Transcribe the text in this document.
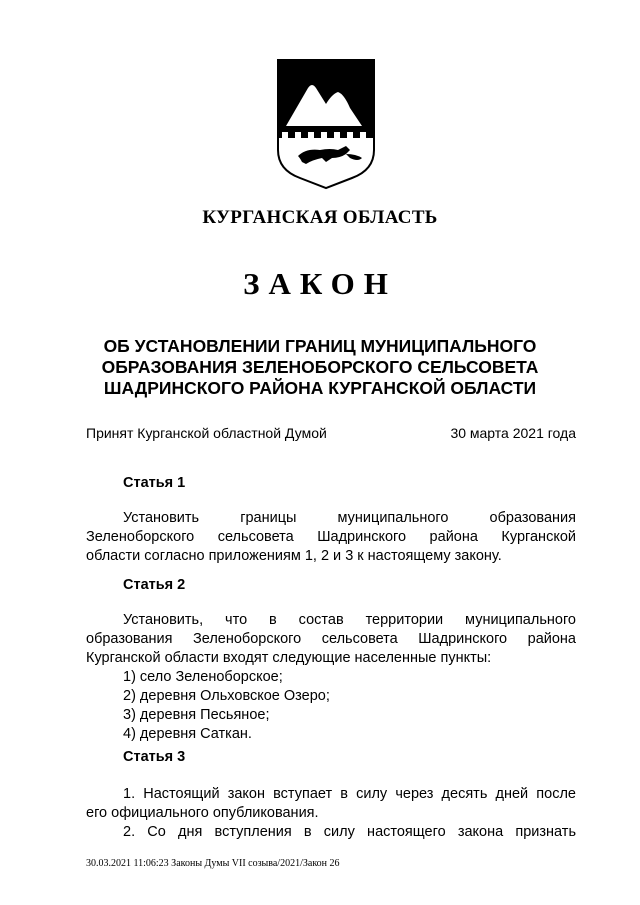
КУРГАНСКАЯ ОБЛАСТЬ
ЗАКОН
ОБ УСТАНОВЛЕНИИ ГРАНИЦ МУНИЦИПАЛЬНОГО
ОБРАЗОВАНИЯ ЗЕЛЕНОБОРСКОГО СЕЛЬСОВЕТА
ШАДРИНСКОГО РАЙОНА КУРГАНСКОЙ ОБЛАСТИ
Принят Курганской областной Думой	30 марта 2021 года
Статья 1
Установить границы муниципального образования
Зеленоборского сельсовета Шадринского района Курганской
области согласно приложениям 1, 2 и 3 к настоящему закону.
Статья 2
Установить, что в состав территории муниципального
образования Зеленоборского сельсовета Шадринского района
Курганской области входят следующие населенные пункты:
1) село Зеленоборское;
2) деревня Ольховское Озеро;
3) деревня Песьяное;
4) деревня Саткан.
Статья 3
1. Настоящий закон вступает в силу через десять дней после
его официального опубликования.
2. Со дня вступления в силу настоящего закона признать
30.03.2021 11:06:23 Законы Думы VII созыва/2021/Закон 26
